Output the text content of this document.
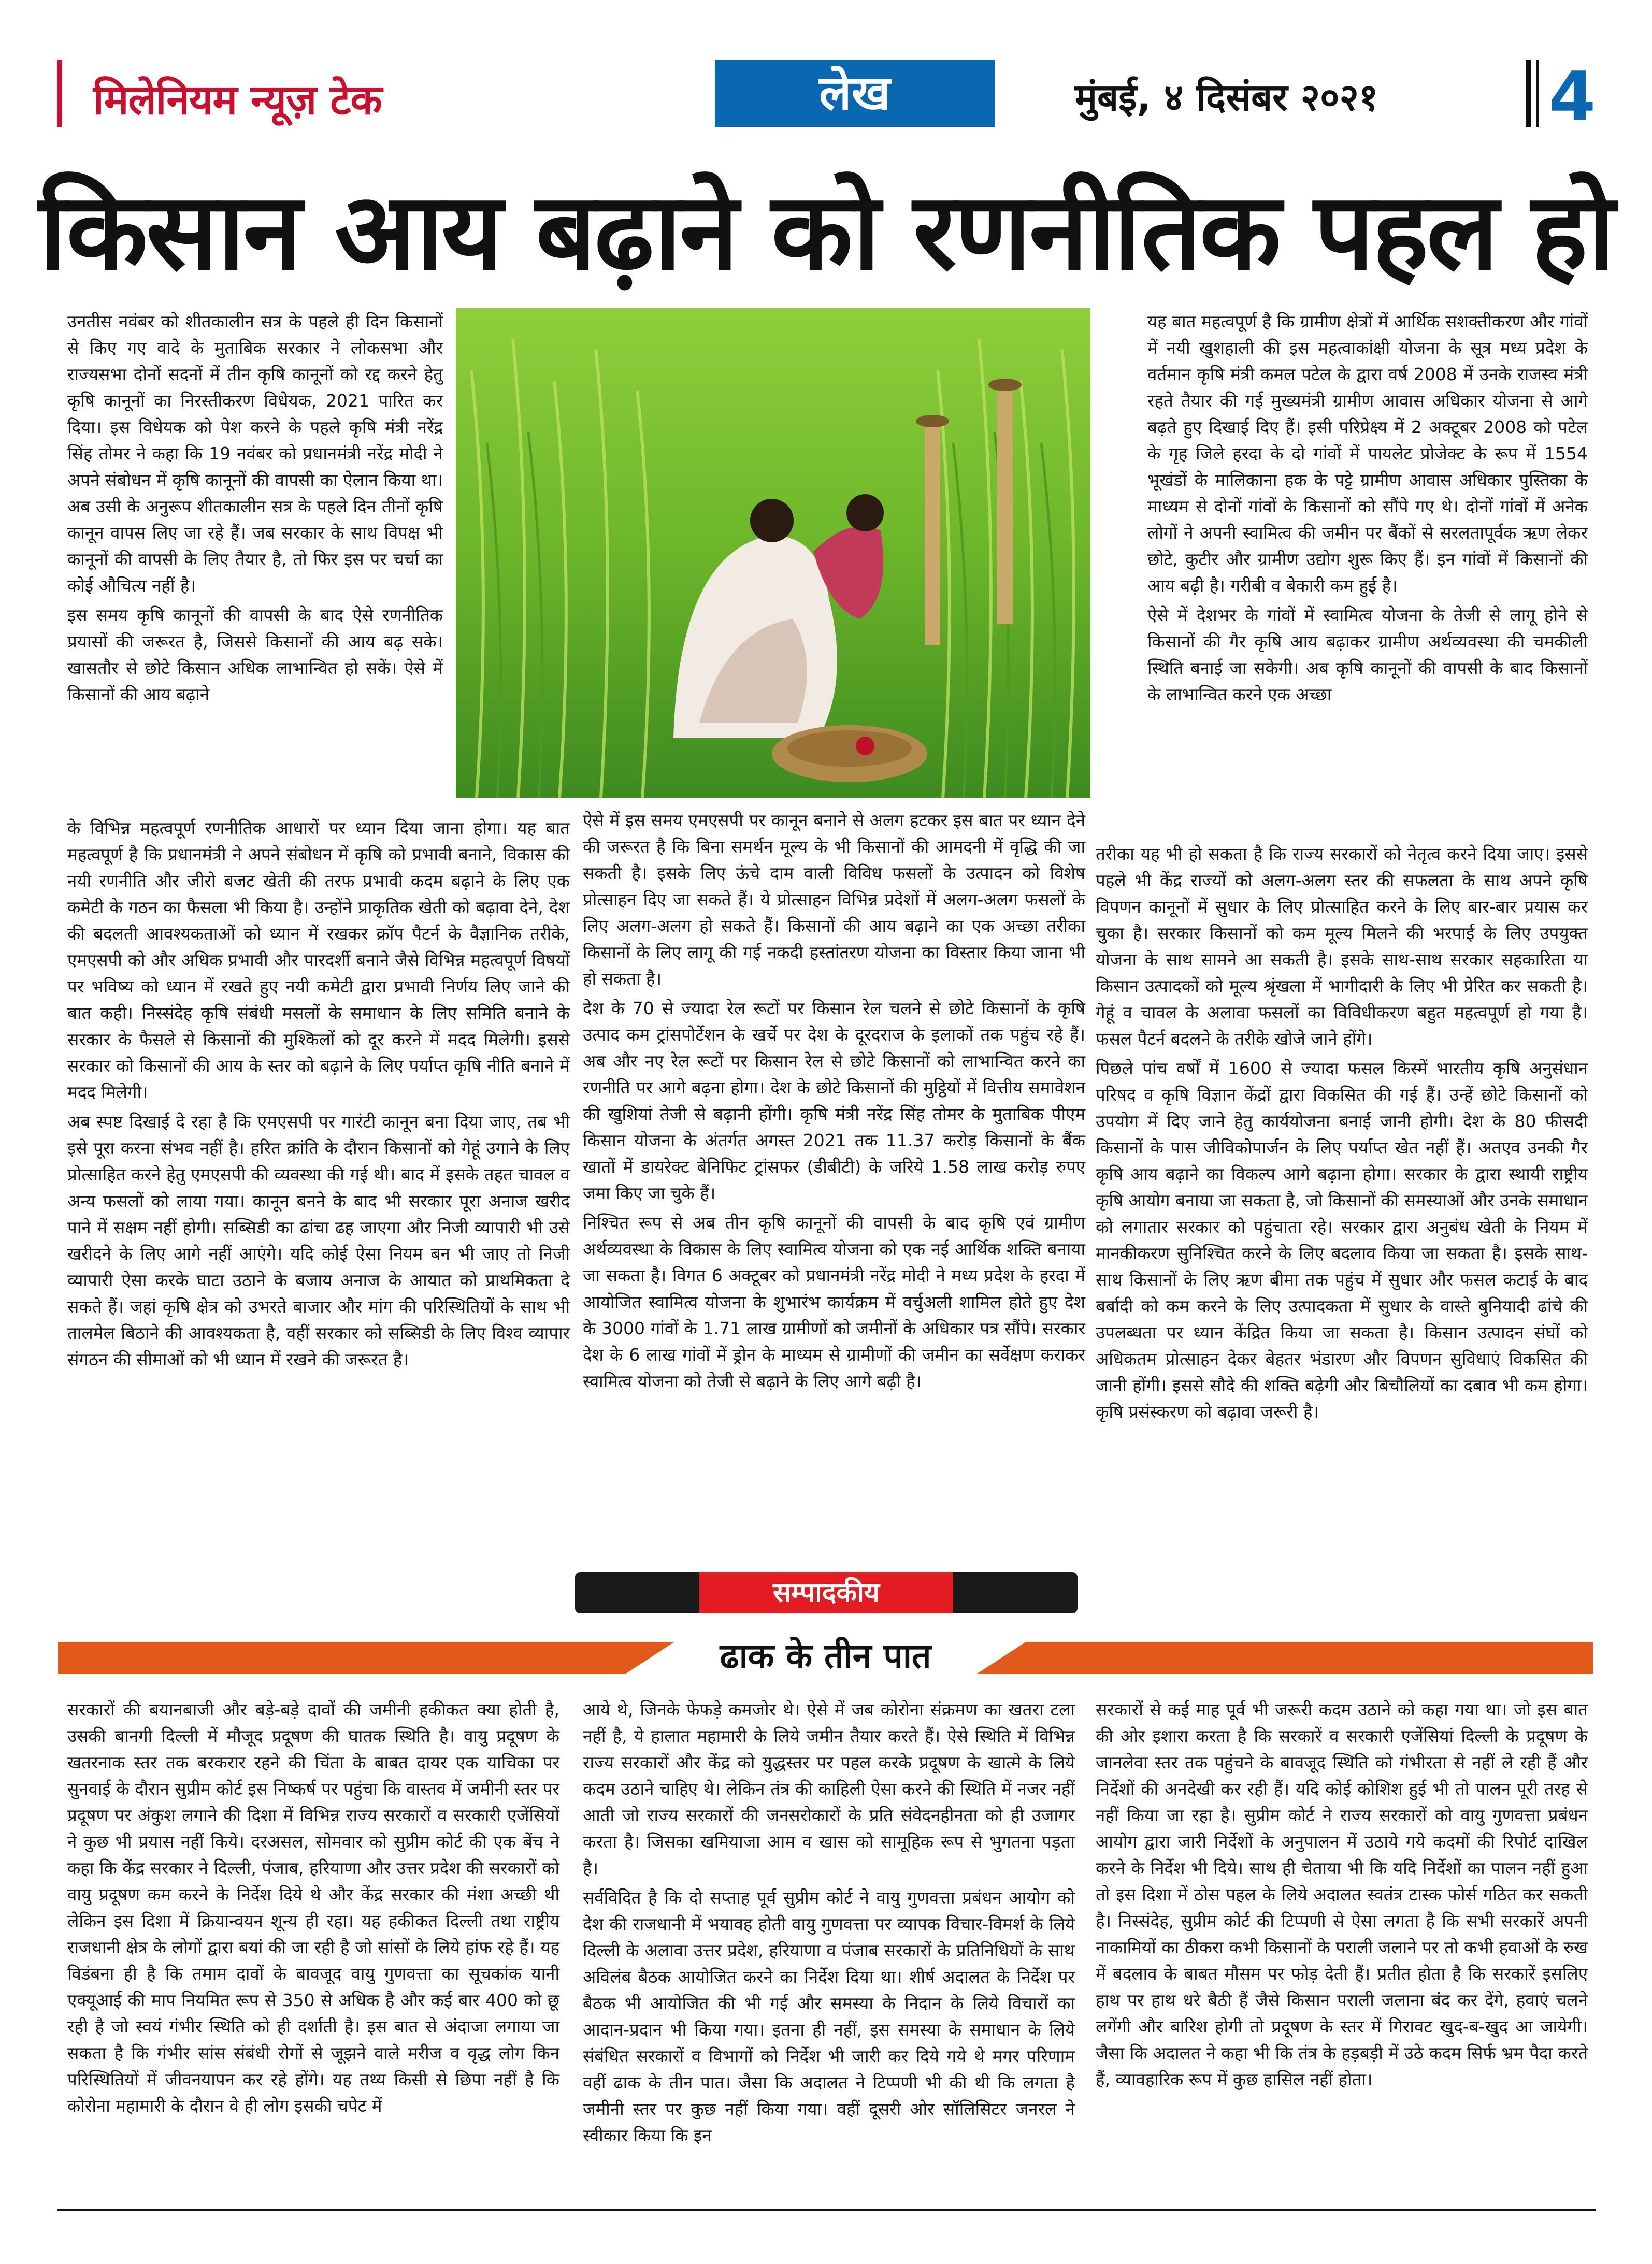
मिलेनियम न्यूज़ टेक	लेख	मुंबई, ४ दिसंबर २०२१	4
किसान आय बढ़ाने को रणनीतिक पहल हो

उनतीस नवंबर को शीतकालीन सत्र के पहले ही दिन किसानों से किए गए वादे के मुताबिक सरकार ने लोकसभा और राज्यसभा दोनों सदनों में तीन कृषि कानूनों को रद्द करने हेतु कृषि कानूनों का निरस्तीकरण विधेयक, 2021 पारित कर दिया। इस विधेयक को पेश करने के पहले कृषि मंत्री नरेंद्र सिंह तोमर ने कहा कि 19 नवंबर को प्रधानमंत्री नरेंद्र मोदी ने अपने संबोधन में कृषि कानूनों की वापसी का ऐलान किया था। अब उसी के अनुरूप शीतकालीन सत्र के पहले दिन तीनों कृषि कानून वापस लिए जा रहे हैं। जब सरकार के साथ विपक्ष भी कानूनों की वापसी के लिए तैयार है, तो फिर इस पर चर्चा का कोई औचित्य नहीं है।

इस समय कृषि कानूनों की वापसी के बाद ऐसे रणनीतिक प्रयासों की जरूरत है, जिससे किसानों की आय बढ़ सके। खासतौर से छोटे किसान अधिक लाभान्वित हो सकें। ऐसे में किसानों की आय बढ़ाने

के विभिन्न महत्वपूर्ण रणनीतिक आधारों पर ध्यान दिया जाना होगा। यह बात महत्वपूर्ण है कि प्रधानमंत्री ने अपने संबोधन में कृषि को प्रभावी बनाने, विकास की नयी रणनीति और जीरो बजट खेती की तरफ प्रभावी कदम बढ़ाने के लिए एक कमेटी के गठन का फैसला भी किया है। उन्होंने प्राकृतिक खेती को बढ़ावा देने, देश की बदलती आवश्यकताओं को ध्यान में रखकर क्रॉप पैटर्न के वैज्ञानिक तरीके, एमएसपी को और अधिक प्रभावी और पारदर्शी बनाने जैसे विभिन्न महत्वपूर्ण विषयों पर भविष्य को ध्यान में रखते हुए नयी कमेटी द्वारा प्रभावी निर्णय लिए जाने की बात कही। निस्संदेह कृषि संबंधी मसलों के समाधान के लिए समिति बनाने के सरकार के फैसले से किसानों की मुश्किलों को दूर करने में मदद मिलेगी। इससे सरकार को किसानों की आय के स्तर को बढ़ाने के लिए पर्याप्त कृषि नीति बनाने में मदद मिलेगी।

अब स्पष्ट दिखाई दे रहा है कि एमएसपी पर गारंटी कानून बना दिया जाए, तब भी इसे पूरा करना संभव नहीं है। हरित क्रांति के दौरान किसानों को गेहूं उगाने के लिए प्रोत्साहित करने हेतु एमएसपी की व्यवस्था की गई थी। बाद में इसके तहत चावल व अन्य फसलों को लाया गया। कानून बनने के बाद भी सरकार पूरा अनाज खरीद पाने में सक्षम नहीं होगी। सब्सिडी का ढांचा ढह जाएगा और निजी व्यापारी भी उसे खरीदने के लिए आगे नहीं आएंगे। यदि कोई ऐसा नियम बन भी जाए तो निजी व्यापारी ऐसा करके घाटा उठाने के बजाय अनाज के आयात को प्राथमिकता दे सकते हैं। जहां कृषि क्षेत्र को उभरते बाजार और मांग की परिस्थितियों के साथ भी तालमेल बिठाने की आवश्यकता है, वहीं सरकार को सब्सिडी के लिए विश्व व्यापार संगठन की सीमाओं को भी ध्यान में रखने की जरूरत है।

ऐसे में इस समय एमएसपी पर कानून बनाने से अलग हटकर इस बात पर ध्यान देने की जरूरत है कि बिना समर्थन मूल्य के भी किसानों की आमदनी में वृद्धि की जा सकती है। इसके लिए ऊंचे दाम वाली विविध फसलों के उत्पादन को विशेष प्रोत्साहन दिए जा सकते हैं। ये प्रोत्साहन विभिन्न प्रदेशों में अलग-अलग फसलों के लिए अलग-अलग हो सकते हैं। किसानों की आय बढ़ाने का एक अच्छा तरीका किसानों के लिए लागू की गई नकदी हस्तांतरण योजना का विस्तार किया जाना भी हो सकता है।

देश के 70 से ज्यादा रेल रूटों पर किसान रेल चलने से छोटे किसानों के कृषि उत्पाद कम ट्रांसपोर्टेशन के खर्चे पर देश के दूरदराज के इलाकों तक पहुंच रहे हैं। अब और नए रेल रूटों पर किसान रेल से छोटे किसानों को लाभान्वित करने का रणनीति पर आगे बढ़ना होगा। देश के छोटे किसानों की मुट्ठियों में वित्तीय समावेशन की खुशियां तेजी से बढ़ानी होंगी। कृषि मंत्री नरेंद्र सिंह तोमर के मुताबिक पीएम किसान योजना के अंतर्गत अगस्त 2021 तक 11.37 करोड़ किसानों के बैंक खातों में डायरेक्ट बेनिफिट ट्रांसफर (डीबीटी) के जरिये 1.58 लाख करोड़ रुपए जमा किए जा चुके हैं।

निश्चित रूप से अब तीन कृषि कानूनों की वापसी के बाद कृषि एवं ग्रामीण अर्थव्यवस्था के विकास के लिए स्वामित्व योजना को एक नई आर्थिक शक्ति बनाया जा सकता है। विगत 6 अक्टूबर को प्रधानमंत्री नरेंद्र मोदी ने मध्य प्रदेश के हरदा में आयोजित स्वामित्व योजना के शुभारंभ कार्यक्रम में वर्चुअली शामिल होते हुए देश के 3000 गांवों के 1.71 लाख ग्रामीणों को जमीनों के अधिकार पत्र सौंपे। सरकार देश के 6 लाख गांवों में ड्रोन के माध्यम से ग्रामीणों की जमीन का सर्वेक्षण कराकर स्वामित्व योजना को तेजी से बढ़ाने के लिए आगे बढ़ी है।

यह बात महत्वपूर्ण है कि ग्रामीण क्षेत्रों में आर्थिक सशक्तीकरण और गांवों में नयी खुशहाली की इस महत्वाकांक्षी योजना के सूत्र मध्य प्रदेश के वर्तमान कृषि मंत्री कमल पटेल के द्वारा वर्ष 2008 में उनके राजस्व मंत्री रहते तैयार की गई मुख्यमंत्री ग्रामीण आवास अधिकार योजना से आगे बढ़ते हुए दिखाई दिए हैं। इसी परिप्रेक्ष्य में 2 अक्टूबर 2008 को पटेल के गृह जिले हरदा के दो गांवों में पायलेट प्रोजेक्ट के रूप में 1554 भूखंडों के मालिकाना हक के पट्टे ग्रामीण आवास अधिकार पुस्तिका के माध्यम से दोनों गांवों के किसानों को सौंपे गए थे। दोनों गांवों में अनेक लोगों ने अपनी स्वामित्व की जमीन पर बैंकों से सरलतापूर्वक ऋण लेकर छोटे, कुटीर और ग्रामीण उद्योग शुरू किए हैं। इन गांवों में किसानों की आय बढ़ी है। गरीबी व बेकारी कम हुई है।

ऐसे में देशभर के गांवों में स्वामित्व योजना के तेजी से लागू होने से किसानों की गैर कृषि आय बढ़ाकर ग्रामीण अर्थव्यवस्था की चमकीली स्थिति बनाई जा सकेगी। अब कृषि कानूनों की वापसी के बाद किसानों के लाभान्वित करने एक अच्छा

तरीका यह भी हो सकता है कि राज्य सरकारों को नेतृत्व करने दिया जाए। इससे पहले भी केंद्र राज्यों को अलग-अलग स्तर की सफलता के साथ अपने कृषि विपणन कानूनों में सुधार के लिए प्रोत्साहित करने के लिए बार-बार प्रयास कर चुका है। सरकार किसानों को कम मूल्य मिलने की भरपाई के लिए उपयुक्त योजना के साथ सामने आ सकती है। इसके साथ-साथ सरकार सहकारिता या किसान उत्पादकों को मूल्य श्रृंखला में भागीदारी के लिए भी प्रेरित कर सकती है। गेहूं व चावल के अलावा फसलों का विविधीकरण बहुत महत्वपूर्ण हो गया है। फसल पैटर्न बदलने के तरीके खोजे जाने होंगे।

पिछले पांच वर्षों में 1600 से ज्यादा फसल किस्में भारतीय कृषि अनुसंधान परिषद व कृषि विज्ञान केंद्रों द्वारा विकसित की गई हैं। उन्हें छोटे किसानों को उपयोग में दिए जाने हेतु कार्ययोजना बनाई जानी होगी। देश के 80 फीसदी किसानों के पास जीविकोपार्जन के लिए पर्याप्त खेत नहीं हैं। अतएव उनकी गैर कृषि आय बढ़ाने का विकल्प आगे बढ़ाना होगा। सरकार के द्वारा स्थायी राष्ट्रीय कृषि आयोग बनाया जा सकता है, जो किसानों की समस्याओं और उनके समाधान को लगातार सरकार को पहुंचाता रहे। सरकार द्वारा अनुबंध खेती के नियम में मानकीकरण सुनिश्चित करने के लिए बदलाव किया जा सकता है। इसके साथ-साथ किसानों के लिए ऋण बीमा तक पहुंच में सुधार और फसल कटाई के बाद बर्बादी को कम करने के लिए उत्पादकता में सुधार के वास्ते बुनियादी ढांचे की उपलब्धता पर ध्यान केंद्रित किया जा सकता है। किसान उत्पादन संघों को अधिकतम प्रोत्साहन देकर बेहतर भंडारण और विपणन सुविधाएं विकसित की जानी होंगी। इससे सौदे की शक्ति बढ़ेगी और बिचौलियों का दबाव भी कम होगा। कृषि प्रसंस्करण को बढ़ावा जरूरी है।

सम्पादकीय
ढाक के तीन पात

सरकारों की बयानबाजी और बड़े-बड़े दावों की जमीनी हकीकत क्या होती है, उसकी बानगी दिल्ली में मौजूद प्रदूषण की घातक स्थिति है। वायु प्रदूषण के खतरनाक स्तर तक बरकरार रहने की चिंता के बाबत दायर एक याचिका पर सुनवाई के दौरान सुप्रीम कोर्ट इस निष्कर्ष पर पहुंचा कि वास्तव में जमीनी स्तर पर प्रदूषण पर अंकुश लगाने की दिशा में विभिन्न राज्य सरकारों व सरकारी एजेंसियों ने कुछ भी प्रयास नहीं किये। दरअसल, सोमवार को सुप्रीम कोर्ट की एक बेंच ने कहा कि केंद्र सरकार ने दिल्ली, पंजाब, हरियाणा और उत्तर प्रदेश की सरकारों को वायु प्रदूषण कम करने के निर्देश दिये थे और केंद्र सरकार की मंशा अच्छी थी लेकिन इस दिशा में क्रियान्वयन शून्य ही रहा। यह हकीकत दिल्ली तथा राष्ट्रीय राजधानी क्षेत्र के लोगों द्वारा बयां की जा रही है जो सांसों के लिये हांफ रहे हैं। यह विडंबना ही है कि तमाम दावों के बावजूद वायु गुणवत्ता का सूचकांक यानी एक्यूआई की माप नियमित रूप से 350 से अधिक है और कई बार 400 को छू रही है जो स्वयं गंभीर स्थिति को ही दर्शाती है। इस बात से अंदाजा लगाया जा सकता है कि गंभीर सांस संबंधी रोगों से जूझने वाले मरीज व वृद्ध लोग किन परिस्थितियों में जीवनयापन कर रहे होंगे। यह तथ्य किसी से छिपा नहीं है कि कोरोना महामारी के दौरान वे ही लोग इसकी चपेट में

आये थे, जिनके फेफड़े कमजोर थे। ऐसे में जब कोरोना संक्रमण का खतरा टला नहीं है, ये हालात महामारी के लिये जमीन तैयार करते हैं। ऐसे स्थिति में विभिन्न राज्य सरकारों और केंद्र को युद्धस्तर पर पहल करके प्रदूषण के खात्मे के लिये कदम उठाने चाहिए थे। लेकिन तंत्र की काहिली ऐसा करने की स्थिति में नजर नहीं आती जो राज्य सरकारों की जनसरोकारों के प्रति संवेदनहीनता को ही उजागर करता है। जिसका खमियाजा आम व खास को सामूहिक रूप से भुगतना पड़ता है।

सर्वविदित है कि दो सप्ताह पूर्व सुप्रीम कोर्ट ने वायु गुणवत्ता प्रबंधन आयोग को देश की राजधानी में भयावह होती वायु गुणवत्ता पर व्यापक विचार-विमर्श के लिये दिल्ली के अलावा उत्तर प्रदेश, हरियाणा व पंजाब सरकारों के प्रतिनिधियों के साथ अविलंब बैठक आयोजित करने का निर्देश दिया था। शीर्ष अदालत के निर्देश पर बैठक भी आयोजित की भी गई और समस्या के निदान के लिये विचारों का आदान-प्रदान भी किया गया। इतना ही नहीं, इस समस्या के समाधान के लिये संबंधित सरकारों व विभागों को निर्देश भी जारी कर दिये गये थे मगर परिणाम वहीं ढाक के तीन पात। जैसा कि अदालत ने टिप्पणी भी की थी कि लगता है जमीनी स्तर पर कुछ नहीं किया गया। वहीं दूसरी ओर सॉलिसिटर जनरल ने स्वीकार किया कि इन

सरकारों से कई माह पूर्व भी जरूरी कदम उठाने को कहा गया था। जो इस बात की ओर इशारा करता है कि सरकारें व सरकारी एजेंसियां दिल्ली के प्रदूषण के जानलेवा स्तर तक पहुंचने के बावजूद स्थिति को गंभीरता से नहीं ले रही हैं और निर्देशों की अनदेखी कर रही हैं। यदि कोई कोशिश हुई भी तो पालन पूरी तरह से नहीं किया जा रहा है। सुप्रीम कोर्ट ने राज्य सरकारों को वायु गुणवत्ता प्रबंधन आयोग द्वारा जारी निर्देशों के अनुपालन में उठाये गये कदमों की रिपोर्ट दाखिल करने के निर्देश भी दिये। साथ ही चेताया भी कि यदि निर्देशों का पालन नहीं हुआ तो इस दिशा में ठोस पहल के लिये अदालत स्वतंत्र टास्क फोर्स गठित कर सकती है। निस्संदेह, सुप्रीम कोर्ट की टिप्पणी से ऐसा लगता है कि सभी सरकारें अपनी नाकामियों का ठीकरा कभी किसानों के पराली जलाने पर तो कभी हवाओं के रुख में बदलाव के बाबत मौसम पर फोड़ देती हैं। प्रतीत होता है कि सरकारें इसलिए हाथ पर हाथ धरे बैठी हैं जैसे किसान पराली जलाना बंद कर देंगे, हवाएं चलने लगेंगी और बारिश होगी तो प्रदूषण के स्तर में गिरावट खुद-ब-खुद आ जायेगी। जैसा कि अदालत ने कहा भी कि तंत्र के हड़बड़ी में उठे कदम सिर्फ भ्रम पैदा करते हैं, व्यावहारिक रूप में कुछ हासिल नहीं होता।
